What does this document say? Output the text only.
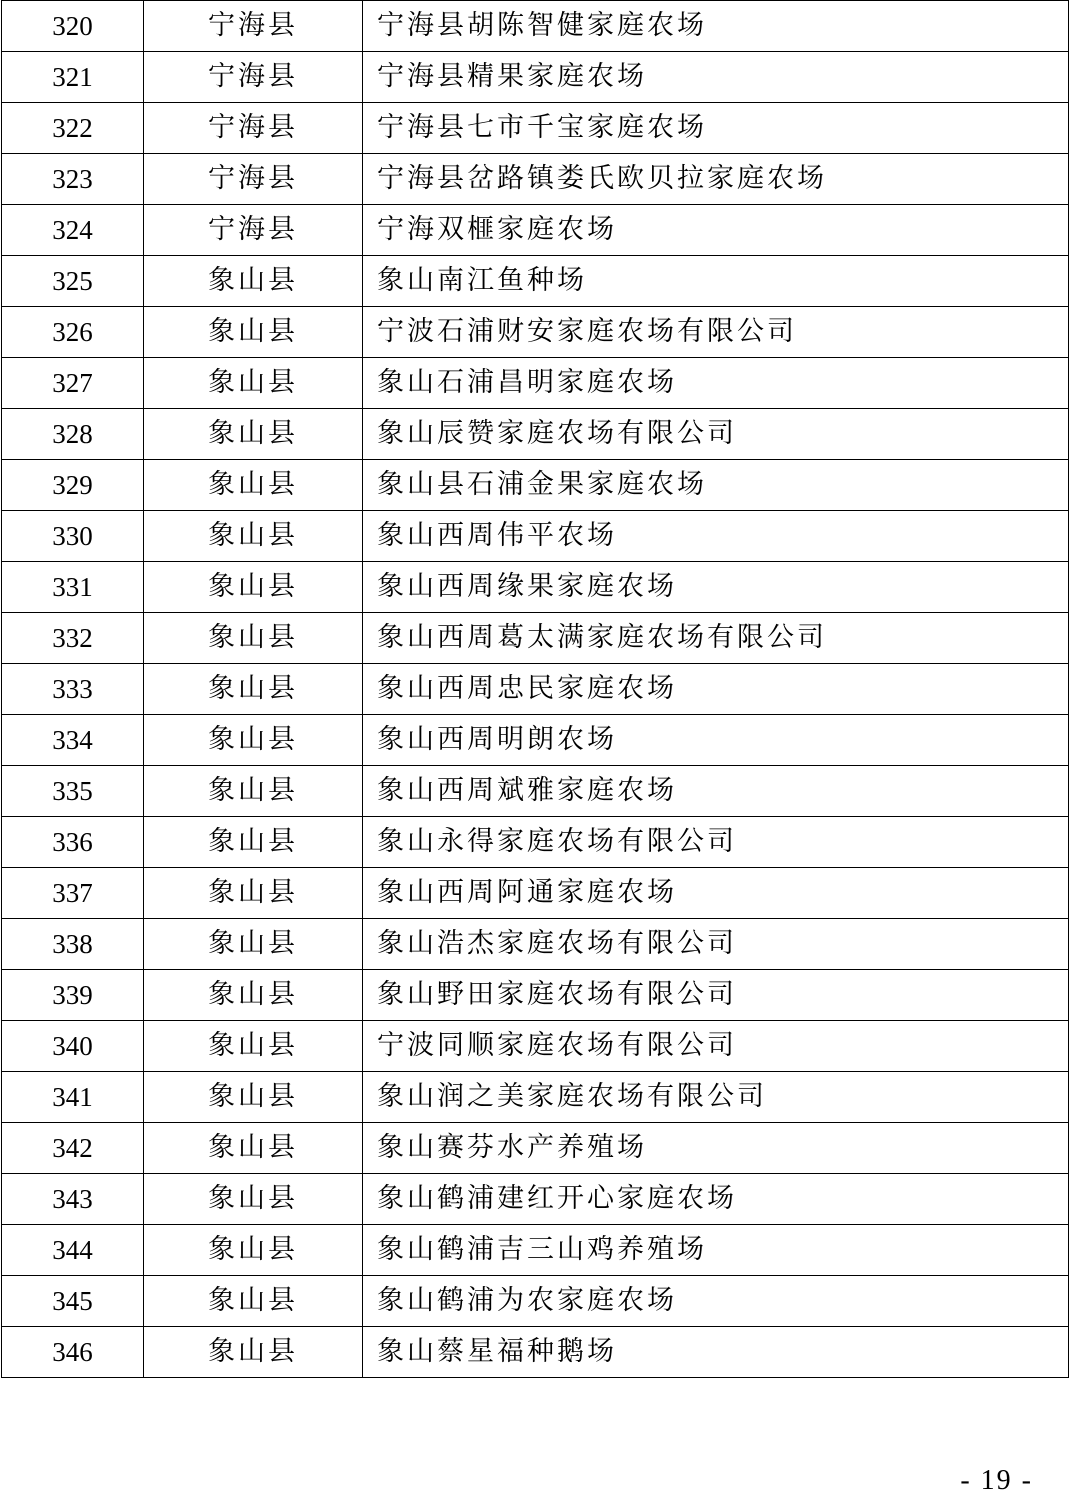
320	宁海县	宁海县胡陈智健家庭农场
321	宁海县	宁海县精果家庭农场
322	宁海县	宁海县七市千宝家庭农场
323	宁海县	宁海县岔路镇娄氏欧贝拉家庭农场
324	宁海县	宁海双榧家庭农场
325	象山县	象山南江鱼种场
326	象山县	宁波石浦财安家庭农场有限公司
327	象山县	象山石浦昌明家庭农场
328	象山县	象山辰赞家庭农场有限公司
329	象山县	象山县石浦金果家庭农场
330	象山县	象山西周伟平农场
331	象山县	象山西周缘果家庭农场
332	象山县	象山西周葛太满家庭农场有限公司
333	象山县	象山西周忠民家庭农场
334	象山县	象山西周明朗农场
335	象山县	象山西周斌雅家庭农场
336	象山县	象山永得家庭农场有限公司
337	象山县	象山西周阿通家庭农场
338	象山县	象山浩杰家庭农场有限公司
339	象山县	象山野田家庭农场有限公司
340	象山县	宁波同顺家庭农场有限公司
341	象山县	象山润之美家庭农场有限公司
342	象山县	象山赛芬水产养殖场
343	象山县	象山鹤浦建红开心家庭农场
344	象山县	象山鹤浦吉三山鸡养殖场
345	象山县	象山鹤浦为农家庭农场
346	象山县	象山蔡星福种鹅场
- 19 -
